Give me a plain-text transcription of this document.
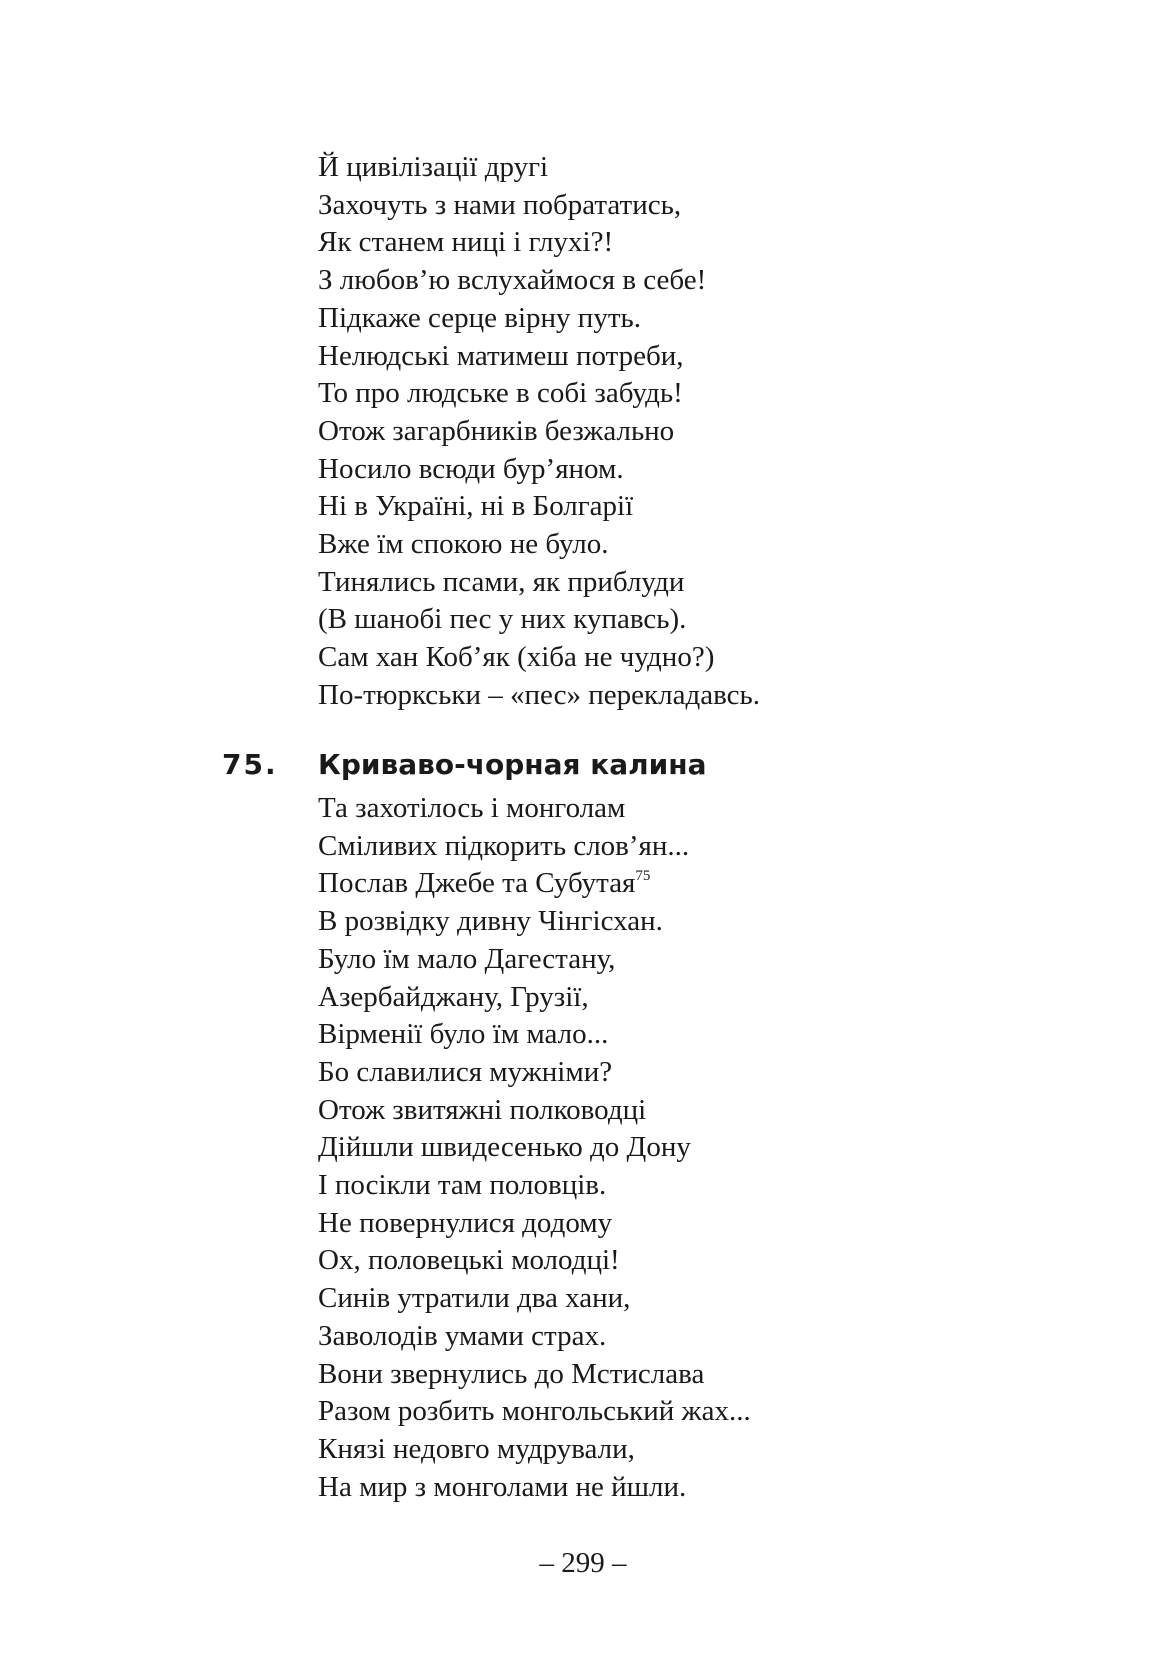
Й цивілізації другі
Захочуть з нами побрататись,
Як станем ниці і глухі?!
З любов’ю вслухаймося в себе!
Підкаже серце вірну путь.
Нелюдські матимеш потреби,
То про людське в собі забудь!
Отож загарбників безжально
Носило всюди бур’яном.
Ні в Україні, ні в Болгарії
Вже їм спокою не було.
Тинялись псами, як приблуди
(В шанобі пес у них купавсь).
Сам хан Коб’як (хіба не чудно?)
По-тюркськи – «пес» перекладавсь.
75. Кривавo-чорная калина
Та захотілось і монголам
Сміливих підкорить слов’ян...
Послав Джебе та Субутая$^{75}$
В розвідку дивну Чінгісхан.
Було їм мало Дагестану,
Азербайджану, Грузії,
Вірменії було їм мало...
Бо славилися мужніми?
Отож звитяжні полководці
Дійшли швидесенько до Дону
І посікли там половців.
Не повернулися додому
Ох, половецькі молодці!
Синів утратили два хани,
Заволодів умами страх.
Вони звернулись до Мстислава
Разом розбить монгольський жах...
Князі недовго мудрували,
На мир з монголами не йшли.
– 299 –
